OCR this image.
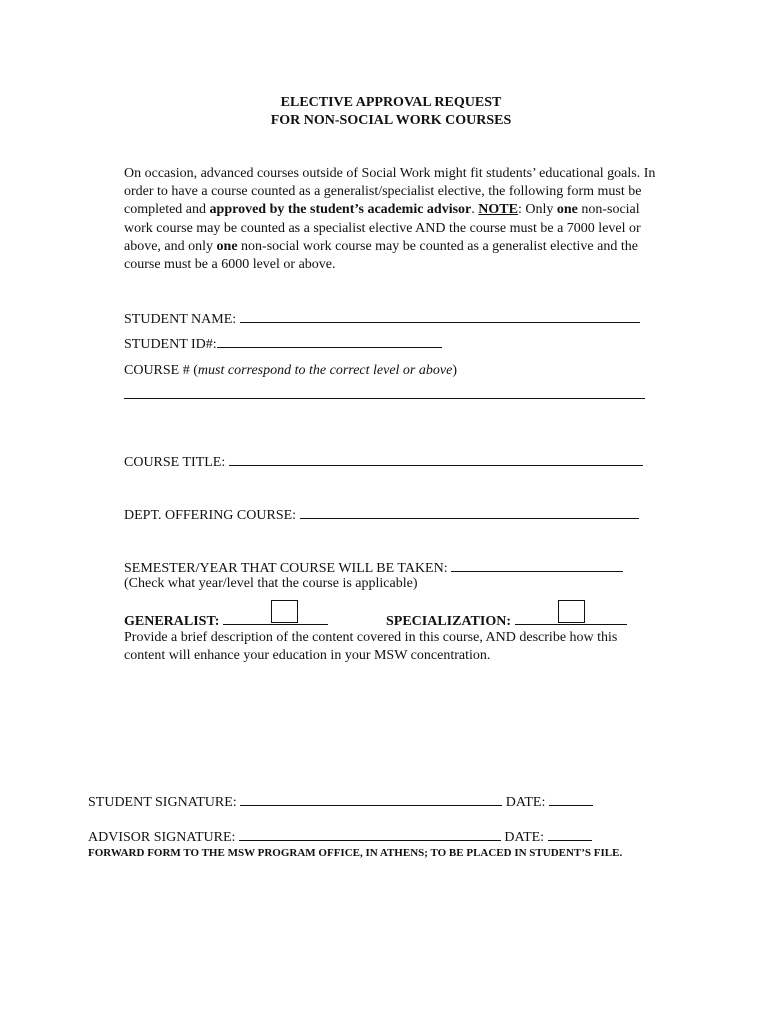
ELECTIVE APPROVAL REQUEST
FOR NON-SOCIAL WORK COURSES
On occasion, advanced courses outside of Social Work might fit students’ educational goals. In order to have a course counted as a generalist/specialist elective, the following form must be completed and approved by the student’s academic advisor. NOTE: Only one non-social work course may be counted as a specialist elective AND the course must be a 7000 level or above, and only one non-social work course may be counted as a generalist elective and the course must be a 6000 level or above.
STUDENT NAME:
STUDENT ID#:
COURSE # (must correspond to the correct level or above)
COURSE TITLE:
DEPT. OFFERING COURSE:
SEMESTER/YEAR THAT COURSE WILL BE TAKEN:
(Check what year/level that the course is applicable)
GENERALIST:	SPECIALIZATION:
Provide a brief description of the content covered in this course, AND describe how this content will enhance your education in your MSW concentration.
STUDENT SIGNATURE:	DATE:
ADVISOR SIGNATURE:	DATE:
FORWARD FORM TO THE MSW PROGRAM OFFICE, IN ATHENS; TO BE PLACED IN STUDENT’S FILE.
